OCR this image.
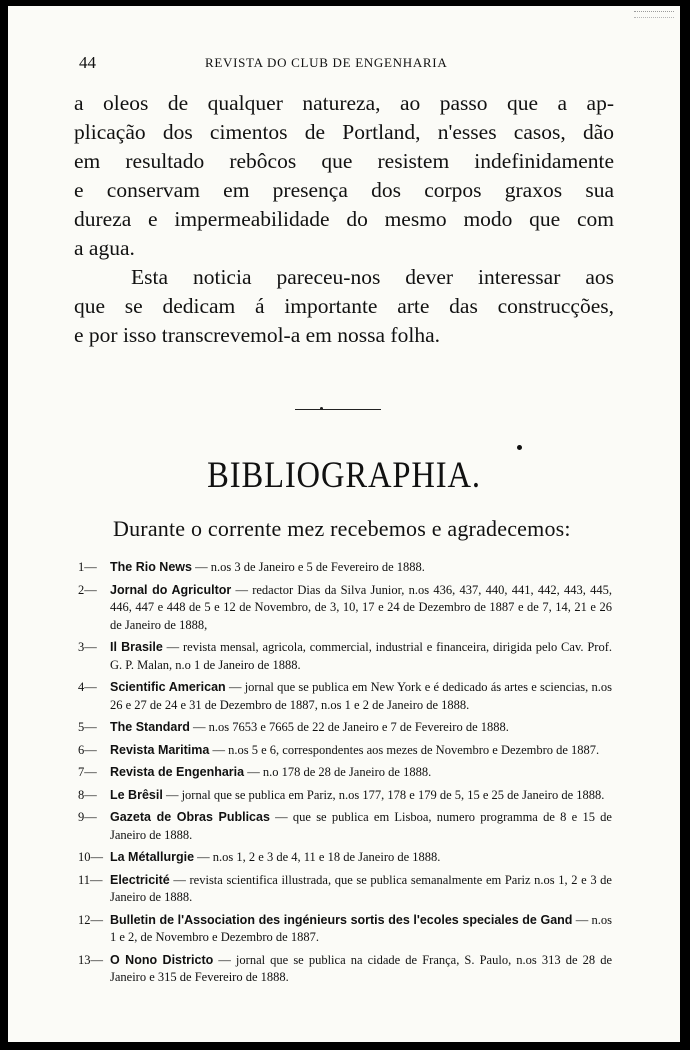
44	REVISTA DO CLUB DE ENGENHARIA
a oleos de qualquer natureza, ao passo que a ap-
plicação dos cimentos de Portland, n'esses casos, dão
em resultado rebôcos que resistem indefinidamente
e conservam em presença dos corpos graxos sua
dureza e impermeabilidade do mesmo modo que com
a agua.
Esta noticia pareceu-nos dever interessar aos
que se dedicam á importante arte das construcções,
e por isso transcrevemol-a em nossa folha.
BIBLIOGRAPHIA.
Durante o corrente mez recebemos e agradecemos:
1— The Rio News — n.os 3 de Janeiro e 5 de Fevereiro de 1888.
2— Jornal do Agricultor — redactor Dias da Silva Junior, n.os 436, 437, 440, 441, 442, 443, 445, 446, 447 e 448 de 5 e 12 de Novembro, de 3, 10, 17 e 24 de Dezembro de 1887 e de 7, 14, 21 e 26 de Janeiro de 1888,
3— Il Brasile — revista mensal, agricola, commercial, industrial e financeira, dirigida pelo Cav. Prof. G. P. Malan, n.o 1 de Janeiro de 1888.
4— Scientific American — jornal que se publica em New York e é dedicado ás artes e sciencias, n.os 26 e 27 de 24 e 31 de Dezembro de 1887, n.os 1 e 2 de Janeiro de 1888.
5— The Standard — n.os 7653 e 7665 de 22 de Janeiro e 7 de Fevereiro de 1888.
6— Revista Maritima — n.os 5 e 6, correspondentes aos mezes de Novembro e Dezembro de 1887.
7— Revista de Engenharia — n.o 178 de 28 de Janeiro de 1888.
8— Le Brêsil — jornal que se publica em Pariz, n.os 177, 178 e 179 de 5, 15 e 25 de Janeiro de 1888.
9— Gazeta de Obras Publicas — que se publica em Lisboa, numero programma de 8 e 15 de Janeiro de 1888.
10— La Métallurgie — n.os 1, 2 e 3 de 4, 11 e 18 de Janeiro de 1888.
11— Electricité — revista scientifica illustrada, que se publica semanalmente em Pariz n.os 1, 2 e 3 de Janeiro de 1888.
12— Bulletin de l'Association des ingénieurs sortis des l'ecoles speciales de Gand — n.os 1 e 2, de Novembro e Dezembro de 1887.
13— O Nono Districto — jornal que se publica na cidade de França, S. Paulo, n.os 313 de 28 de Janeiro e 315 de Fevereiro de 1888.
